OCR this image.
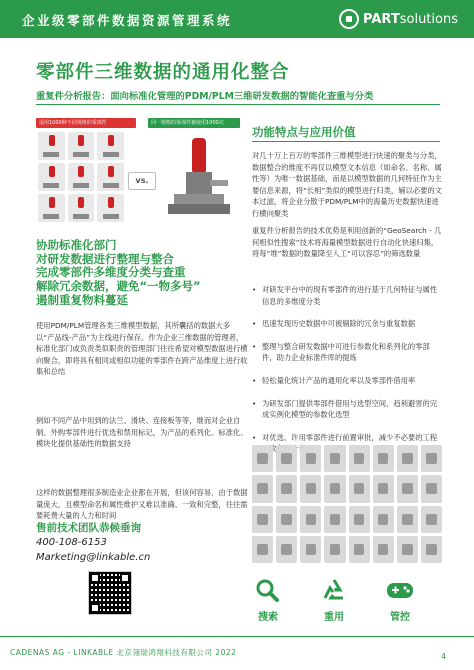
企业级零部件数据资源管理系统	PARTsolutions
零部件三维数据的通用化整合
重复件分析报告：面向标准化管理的PDM/PLM三维研发数据的智能化查重与分类
适用1000种不同规格的零部件	同一规格的零部件被使用1000次
vs.
协助标准化部门
对研发数据进行整理与整合
完成零部件多维度分类与查重
解除冗余数据，避免“一物多号”
遏制重复物料蔓延
使用PDM/PLM管理各类三维模型数据，其所囊括的数据大多以“产品线-产品”为主线进行保存。作为企业三维数据的管理者，标准化部门或负责类似职责的管理部门往往希望对模型数据进行横向聚合，即将具有相同或相似功能的零部件在跨产品维度上进行收集和总结
例如不同产品中用到的法兰、滑块、连接板等等，继而对企业自制、外购零部件进行优选和禁用标记，为产品的系列化、标准化、模块化提供基础性的数据支持
这样的数据整理很多制造业企业都在开展，但该何容易，由于数据量庞大，且模型命名和属性维护又难以准确、一致和完整，往往需要耗费大量的人力和时间
售前技术团队恭候垂询
400-108-6153
Marketing@linkable.cn
功能特点与应用价值
对几十万上百万的零部件三维模型进行快速的聚类与分类，数据整合的维度不再仅以模型文本信息（如命名、名称、属性等）为唯一数据基础，而是以模型数据的几何特征作为主要信息来源，将“长相”类似的模型进行归类，辅以必要的文本过滤，将企业分散于PDM/PLM中的海量历史数据快速进行横向聚类
重复件分析报告的技术优势是利用创新的“GeoSearch - 几何相似性搜索”技术将海量模型数据进行自动化快速归集，将每“堆”数据的数量降至人工“可以容忍”的筛选数量
• 对研发平台中的现有零部件的进行基于几何特征与属性信息的多维度分类
• 迅速发现历史数据中可被剔除的冗余与重复数据
• 整理与整合研发数据中可进行参数化和系列化的零部件，助力企业标准件库的提炼
• 轻松量化统计产品的通用化率以及零部件借用率
• 为研发部门提供零部件借用与选型空间，趋利避害的完成实例化模型的参数化选型
• 对优选、许用零部件进行前置审批，减少不必要的工程 设计变更
搜索	重用	管控
CADENAS AG - LINKABLE 北京翎瑞鸿翔科技有限公司 2022	4
